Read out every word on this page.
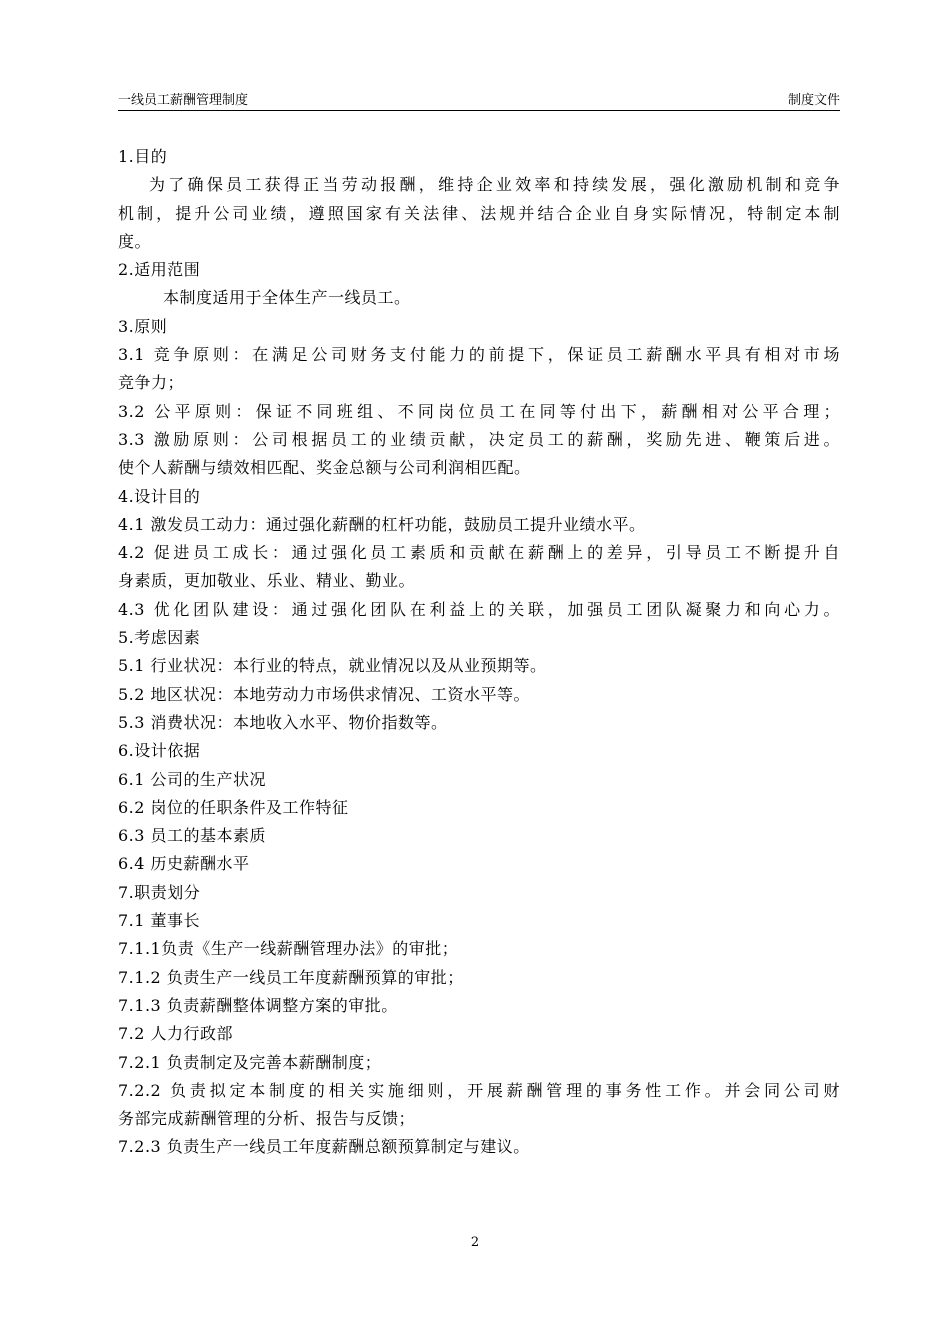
一线员工薪酬管理制度	制度文件
1.目的
为了确保员工获得正当劳动报酬，维持企业效率和持续发展，强化激励机制和竞争
机制，提升公司业绩，遵照国家有关法律、法规并结合企业自身实际情况，特制定本制
度。
2.适用范围
本制度适用于全体生产一线员工。
3.原则
3.1 竞争原则：在满足公司财务支付能力的前提下，保证员工薪酬水平具有相对市场
竞争力；
3.2 公平原则：保证不同班组、不同岗位员工在同等付出下，薪酬相对公平合理；
3.3 激励原则：公司根据员工的业绩贡献，决定员工的薪酬，奖励先进、鞭策后进。
使个人薪酬与绩效相匹配、奖金总额与公司利润相匹配。
4.设计目的
4.1 激发员工动力：通过强化薪酬的杠杆功能，鼓励员工提升业绩水平。
4.2 促进员工成长：通过强化员工素质和贡献在薪酬上的差异，引导员工不断提升自
身素质，更加敬业、乐业、精业、勤业。
4.3 优化团队建设：通过强化团队在利益上的关联，加强员工团队凝聚力和向心力。
5.考虑因素
5.1 行业状况：本行业的特点，就业情况以及从业预期等。
5.2 地区状况：本地劳动力市场供求情况、工资水平等。
5.3 消费状况：本地收入水平、物价指数等。
6.设计依据
6.1 公司的生产状况
6.2 岗位的任职条件及工作特征
6.3 员工的基本素质
6.4 历史薪酬水平
7.职责划分
7.1 董事长
7.1.1负责《生产一线薪酬管理办法》的审批；
7.1.2 负责生产一线员工年度薪酬预算的审批；
7.1.3 负责薪酬整体调整方案的审批。
7.2 人力行政部
7.2.1 负责制定及完善本薪酬制度；
7.2.2 负责拟定本制度的相关实施细则，开展薪酬管理的事务性工作。并会同公司财
务部完成薪酬管理的分析、报告与反馈；
7.2.3 负责生产一线员工年度薪酬总额预算制定与建议。
2
